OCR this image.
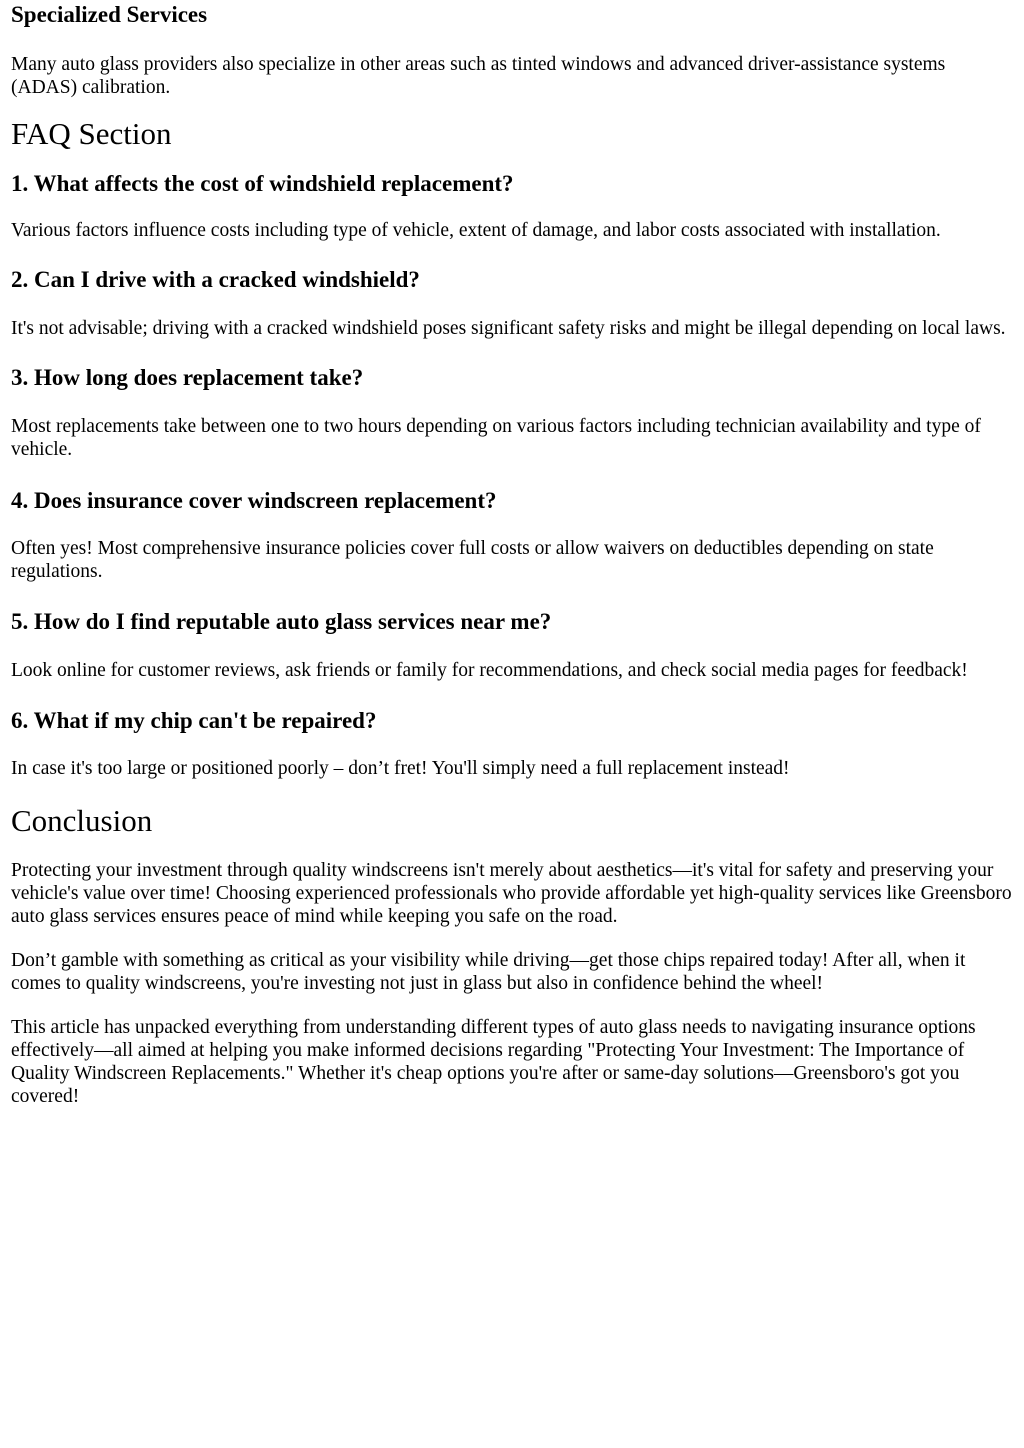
Specialized Services

Many auto glass providers also specialize in other areas such as tinted windows and advanced driver-assistance systems (ADAS) calibration.

FAQ Section
1. What affects the cost of windshield replacement?

Various factors influence costs including type of vehicle, extent of damage, and labor costs associated with installation.

2. Can I drive with a cracked windshield?

It's not advisable; driving with a cracked windshield poses significant safety risks and might be illegal depending on local laws.

3. How long does replacement take?

Most replacements take between one to two hours depending on various factors including technician availability and type of vehicle.

4. Does insurance cover windscreen replacement?

Often yes! Most comprehensive insurance policies cover full costs or allow waivers on deductibles depending on state regulations.

5. How do I find reputable auto glass services near me?

Look online for customer reviews, ask friends or family for recommendations, and check social media pages for feedback!

6. What if my chip can't be repaired?

In case it's too large or positioned poorly – don’t fret! You'll simply need a full replacement instead!

Conclusion

Protecting your investment through quality windscreens isn't merely about aesthetics—it's vital for safety and preserving your vehicle's value over time! Choosing experienced professionals who provide affordable yet high-quality services like Greensboro auto glass services ensures peace of mind while keeping you safe on the road.

Don’t gamble with something as critical as your visibility while driving—get those chips repaired today! After all, when it comes to quality windscreens, you're investing not just in glass but also in confidence behind the wheel!

This article has unpacked everything from understanding different types of auto glass needs to navigating insurance options effectively—all aimed at helping you make informed decisions regarding "Protecting Your Investment: The Importance of Quality Windscreen Replacements." Whether it's cheap options you're after or same-day solutions—Greensboro's got you covered!
